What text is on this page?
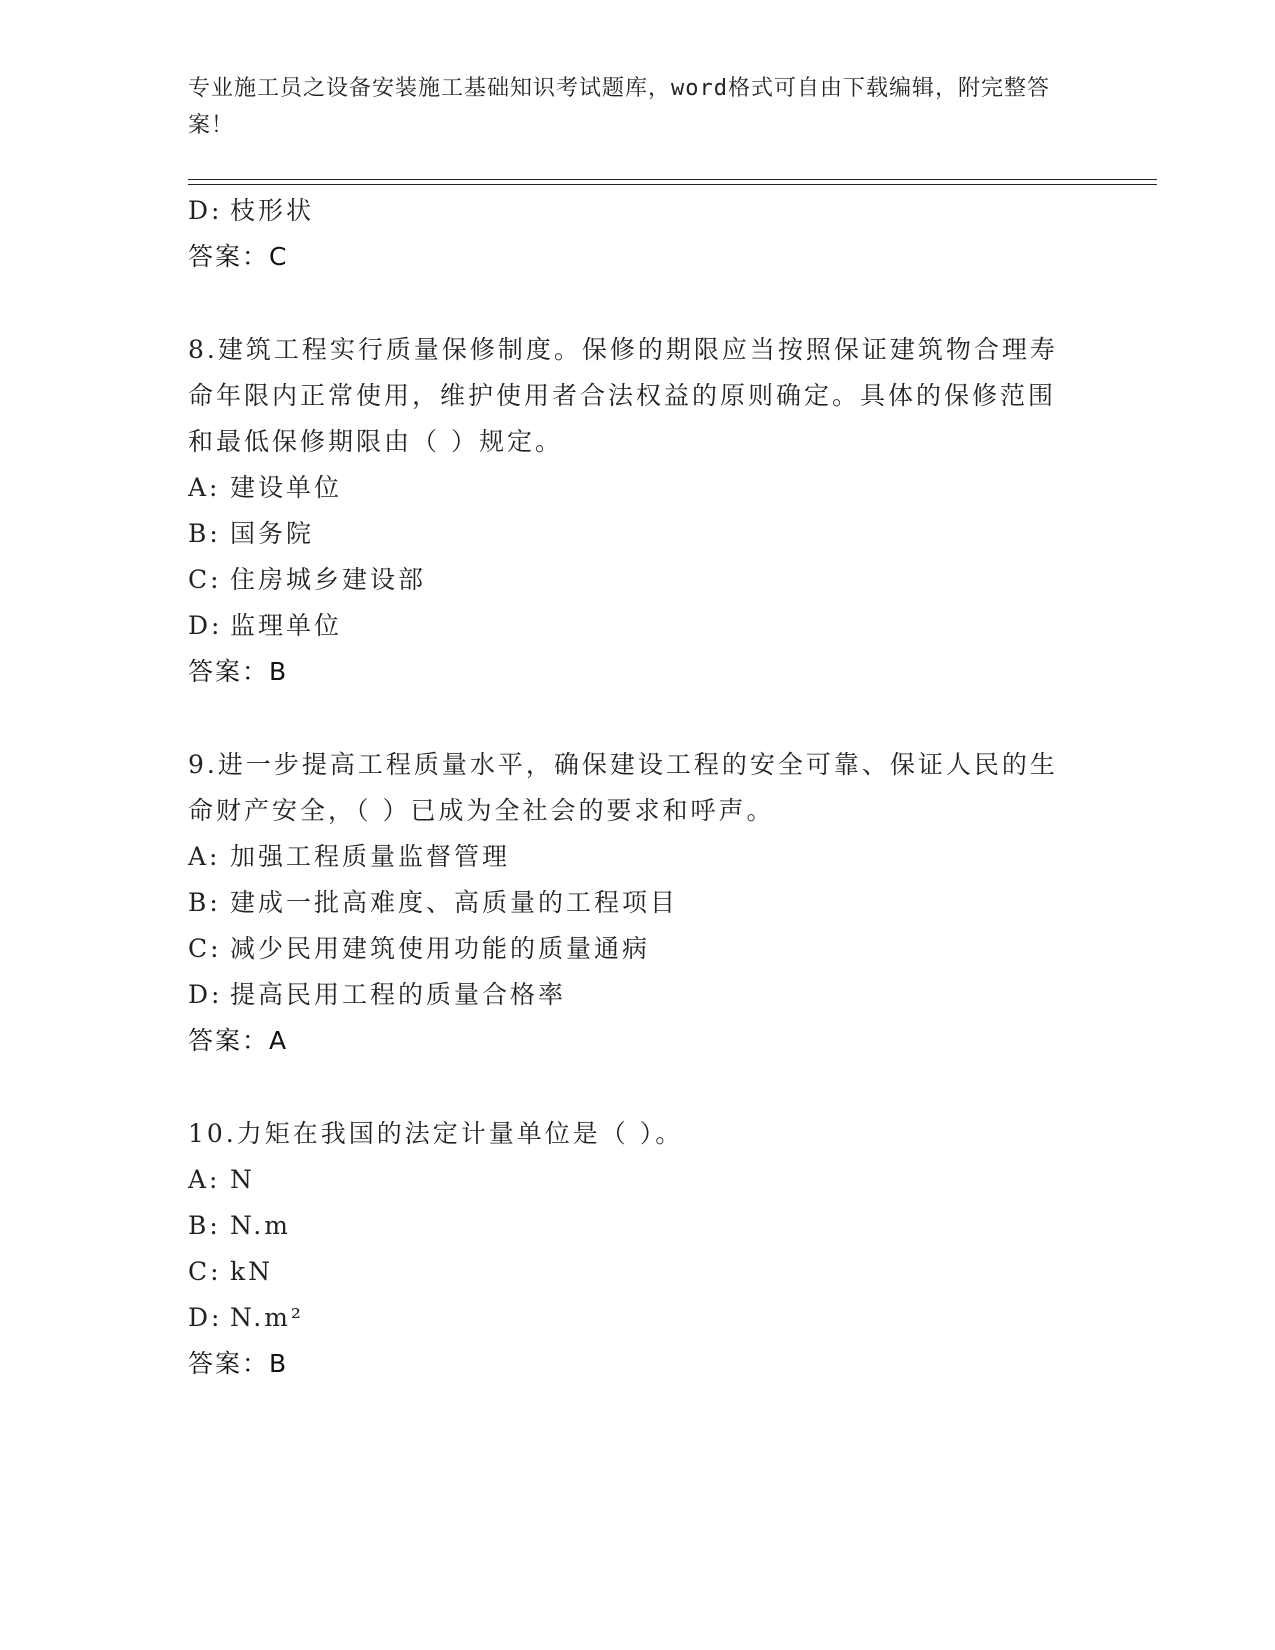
专业施工员之设备安装施工基础知识考试题库，word格式可自由下载编辑，附完整答案！
D: 枝形状
答案：C
8.建筑工程实行质量保修制度。保修的期限应当按照保证建筑物合理寿命年限内正常使用，维护使用者合法权益的原则确定。具体的保修范围和最低保修期限由（ ）规定。
A: 建设单位
B: 国务院
C: 住房城乡建设部
D: 监理单位
答案：B
9.进一步提高工程质量水平，确保建设工程的安全可靠、保证人民的生命财产安全，（ ）已成为全社会的要求和呼声。
A: 加强工程质量监督管理
B: 建成一批高难度、高质量的工程项目
C: 减少民用建筑使用功能的质量通病
D: 提高民用工程的质量合格率
答案：A
10.力矩在我国的法定计量单位是（ ）。
A: N
B: N.m
C: kN
D: N.m²
答案：B
